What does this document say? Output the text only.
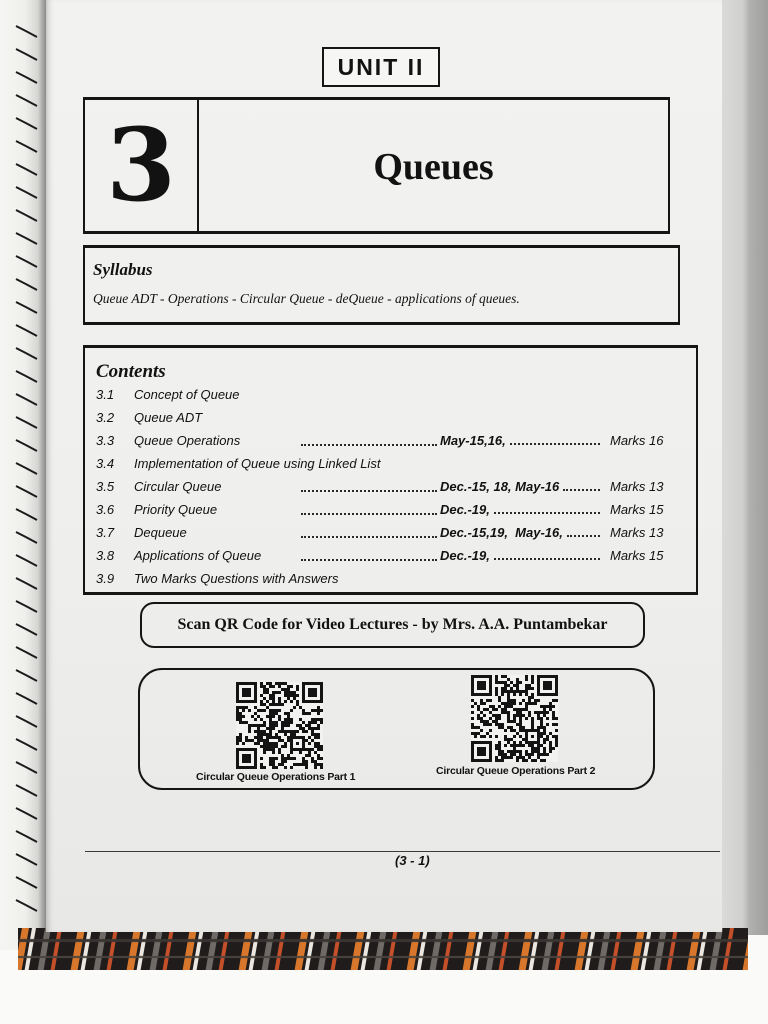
UNIT II
3	Queues
Syllabus
Queue ADT - Operations - Circular Queue - deQueue - applications of queues.
Contents
3.1 Concept of Queue
3.2 Queue ADT
3.3 Queue Operations	May-15,16,	Marks 16
3.4 Implementation of Queue using Linked List
3.5 Circular Queue	Dec.-15, 18, May-16	Marks 13
3.6 Priority Queue	Dec.-19,	Marks 15
3.7 Dequeue	Dec.-15,19,  May-16,	Marks 13
3.8 Applications of Queue	Dec.-19,	Marks 15
3.9 Two Marks Questions with Answers
Scan QR Code for Video Lectures - by Mrs. A.A. Puntambekar
Circular Queue Operations Part 1	Circular Queue Operations Part 2
(3 - 1)
